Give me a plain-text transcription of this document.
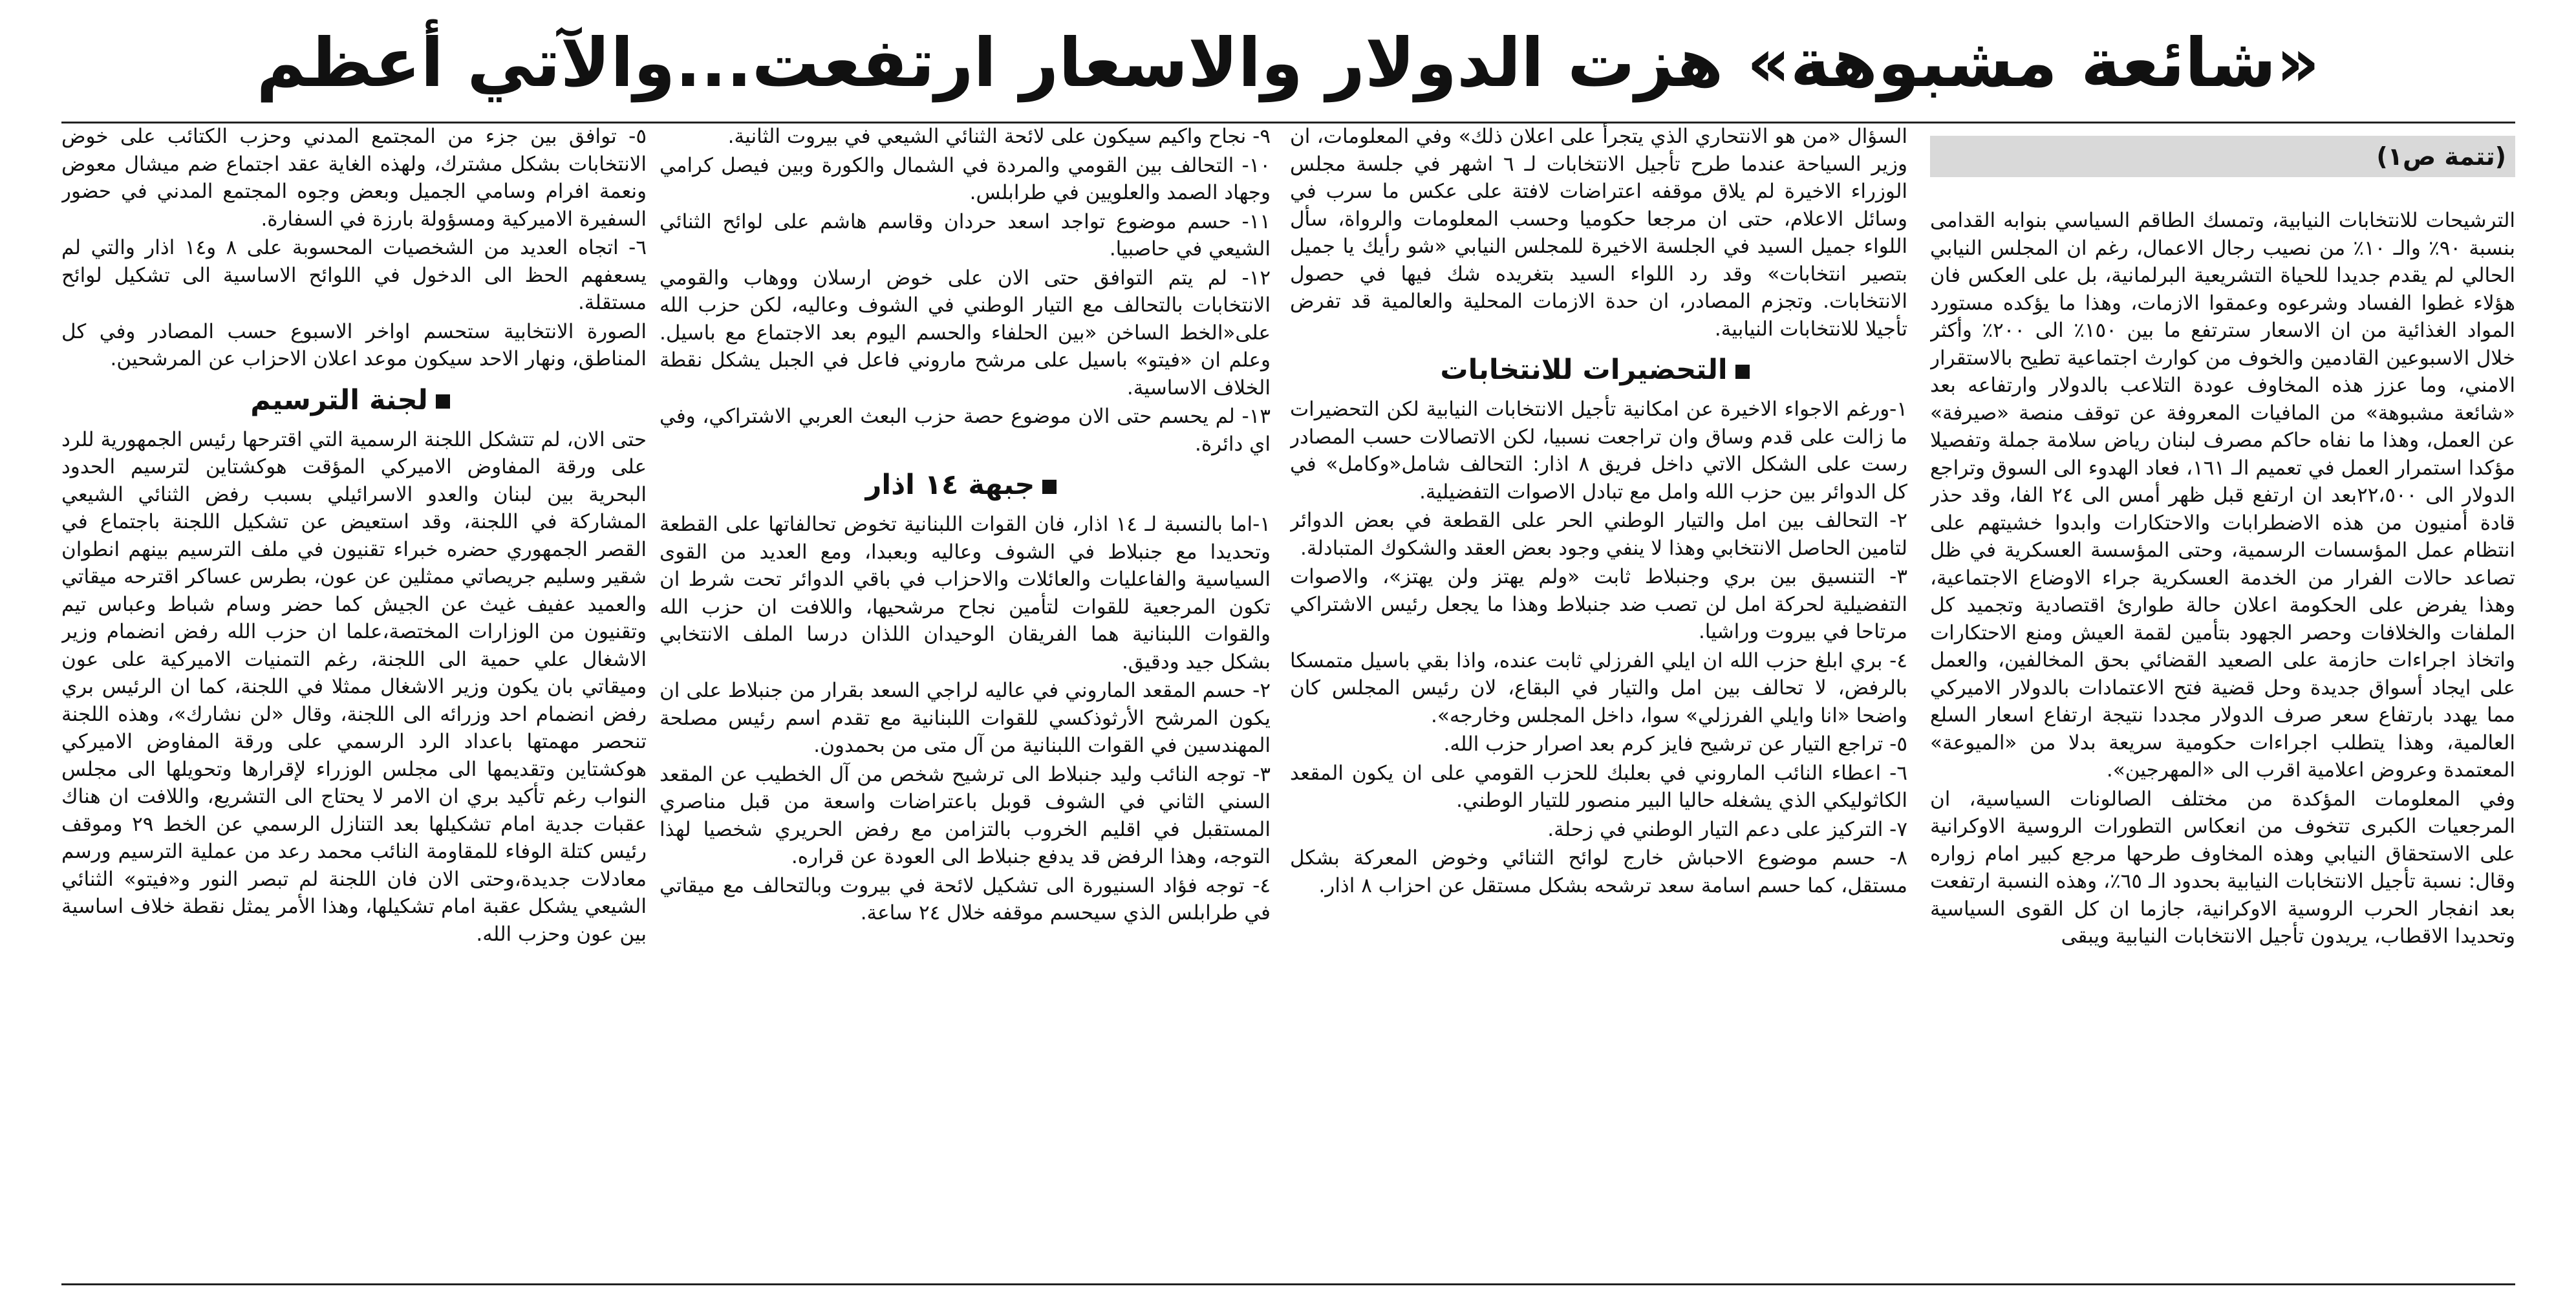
«شائعة مشبوهة» هزت الدولار والاسعار ارتفعت...والآتي أعظم
(تتمة ص١)

الترشيحات للانتخابات النيابية، وتمسك الطاقم السياسي بنوابه القدامى بنسبة ٩٠٪ والـ ١٠٪ من نصيب رجال الاعمال، رغم ان المجلس النيابي الحالي لم يقدم جديدا للحياة التشريعية البرلمانية، بل على العكس فان هؤلاء غطوا الفساد وشرعوه وعمقوا الازمات، وهذا ما يؤكده مستورد المواد الغذائية من ان الاسعار سترتفع ما بين ١٥٠٪ الى ٢٠٠٪ وأكثر خلال الاسبوعين القادمين والخوف من كوارث اجتماعية تطيح بالاستقرار الامني، وما عزز هذه المخاوف عودة التلاعب بالدولار وارتفاعه بعد «شائعة مشبوهة» من المافيات المعروفة عن توقف منصة «صيرفة» عن العمل، وهذا ما نفاه حاكم مصرف لبنان رياض سلامة جملة وتفصيلا مؤكدا استمرار العمل في تعميم الـ ١٦١، فعاد الهدوء الى السوق وتراجع الدولار الى ٢٢،٥٠٠بعد ان ارتفع قبل ظهر أمس الى ٢٤ الفا، وقد حذر قادة أمنيون من هذه الاضطرابات والاحتكارات وابدوا خشيتهم على انتظام عمل المؤسسات الرسمية، وحتى المؤسسة العسكرية في ظل تصاعد حالات الفرار من الخدمة العسكرية جراء الاوضاع الاجتماعية، وهذا يفرض على الحكومة اعلان حالة طوارئ اقتصادية وتجميد كل الملفات والخلافات وحصر الجهود بتأمين لقمة العيش ومنع الاحتكارات واتخاذ اجراءات حازمة على الصعيد القضائي بحق المخالفين، والعمل على ايجاد أسواق جديدة وحل قضية فتح الاعتمادات بالدولار الاميركي مما يهدد بارتفاع سعر صرف الدولار مجددا نتيجة ارتفاع اسعار السلع العالمية، وهذا يتطلب اجراءات حكومية سريعة بدلا من «الميوعة» المعتمدة وعروض اعلامية اقرب الى «المهرجين».

وفي المعلومات المؤكدة من مختلف الصالونات السياسية، ان المرجعيات الكبرى تتخوف من انعكاس التطورات الروسية الاوكرانية على الاستحقاق النيابي وهذه المخاوف طرحها مرجع كبير امام زواره وقال: نسبة تأجيل الانتخابات النيابية بحدود الـ ٦٥٪، وهذه النسبة ارتفعت بعد انفجار الحرب الروسية الاوكرانية، جازما ان كل القوى السياسية وتحديدا الاقطاب، يريدون تأجيل الانتخابات النيابية ويبقى

السؤال «من هو الانتحاري الذي يتجرأ على اعلان ذلك» وفي المعلومات، ان وزير السياحة عندما طرح تأجيل الانتخابات لـ ٦ اشهر في جلسة مجلس الوزراء الاخيرة لم يلاق موقفه اعتراضات لافتة على عكس ما سرب في وسائل الاعلام، حتى ان مرجعا حكوميا وحسب المعلومات والرواة، سأل اللواء جميل السيد في الجلسة الاخيرة للمجلس النيابي «شو رأيك يا جميل بتصير انتخابات» وقد رد اللواء السيد بتغريده شك فيها في حصول الانتخابات. وتجزم المصادر، ان حدة الازمات المحلية والعالمية قد تفرض تأجيلا للانتخابات النيابية.

التحضيرات للانتخابات

١-ورغم الاجواء الاخيرة عن امكانية تأجيل الانتخابات النيابية لكن التحضيرات ما زالت على قدم وساق وان تراجعت نسبيا، لكن الاتصالات حسب المصادر رست على الشكل الاتي داخل فريق ٨ اذار: التحالف شامل«وكامل» في كل الدوائر بين حزب الله وامل مع تبادل الاصوات التفضيلية.

٢- التحالف بين امل والتيار الوطني الحر على القطعة في بعض الدوائر لتامين الحاصل الانتخابي وهذا لا ينفي وجود بعض العقد والشكوك المتبادلة.

٣- التنسيق بين بري وجنبلاط ثابت «ولم يهتز ولن يهتز»، والاصوات التفضيلية لحركة امل لن تصب ضد جنبلاط وهذا ما يجعل رئيس الاشتراكي مرتاحا في بيروت وراشيا.

٤- بري ابلغ حزب الله ان ايلي الفرزلي ثابت عنده، واذا بقي باسيل متمسكا بالرفض، لا تحالف بين امل والتيار في البقاع، لان رئيس المجلس كان واضحا «انا وايلي الفرزلي» سوا، داخل المجلس وخارجه».

٥- تراجع التيار عن ترشيح فايز كرم بعد اصرار حزب الله.

٦- اعطاء النائب الماروني في بعلبك للحزب القومي على ان يكون المقعد الكاثوليكي الذي يشغله حاليا البير منصور للتيار الوطني.

٧- التركيز على دعم التيار الوطني في زحلة.

٨- حسم موضوع الاحباش خارج لوائح الثنائي وخوض المعركة بشكل مستقل، كما حسم اسامة سعد ترشحه بشكل مستقل عن احزاب ٨ اذار.

٩- نجاح واكيم سيكون على لائحة الثنائي الشيعي في بيروت الثانية.

١٠- التحالف بين القومي والمردة في الشمال والكورة وبين فيصل كرامي وجهاد الصمد والعلويين في طرابلس.

١١- حسم موضوع تواجد اسعد حردان وقاسم هاشم على لوائح الثنائي الشيعي في حاصبيا.

١٢- لم يتم التوافق حتى الان على خوض ارسلان ووهاب والقومي الانتخابات بالتحالف مع التيار الوطني في الشوف وعاليه، لكن حزب الله على«الخط الساخن «بين الحلفاء والحسم اليوم بعد الاجتماع مع باسيل. وعلم ان «فيتو» باسيل على مرشح ماروني فاعل في الجبل يشكل نقطة الخلاف الاساسية.

١٣- لم يحسم حتى الان موضوع حصة حزب البعث العربي الاشتراكي، وفي اي دائرة.

جبهة ١٤ اذار

١-اما بالنسبة لـ ١٤ اذار، فان القوات اللبنانية تخوض تحالفاتها على القطعة وتحديدا مع جنبلاط في الشوف وعاليه وبعبدا، ومع العديد من القوى السياسية والفاعليات والعائلات والاحزاب في باقي الدوائر تحت شرط ان تكون المرجعية للقوات لتأمين نجاح مرشحيها، واللافت ان حزب الله والقوات اللبنانية هما الفريقان الوحيدان اللذان درسا الملف الانتخابي بشكل جيد ودقيق.

٢- حسم المقعد الماروني في عاليه لراجي السعد بقرار من جنبلاط على ان يكون المرشح الأرثوذكسي للقوات اللبنانية مع تقدم اسم رئيس مصلحة المهندسين في القوات اللبنانية من آل متى من بحمدون.

٣- توجه النائب وليد جنبلاط الى ترشيح شخص من آل الخطيب عن المقعد السني الثاني في الشوف قوبل باعتراضات واسعة من قبل مناصري المستقبل في اقليم الخروب بالتزامن مع رفض الحريري شخصيا لهذا التوجه، وهذا الرفض قد يدفع جنبلاط الى العودة عن قراره.

٤- توجه فؤاد السنيورة الى تشكيل لائحة في بيروت وبالتحالف مع ميقاتي في طرابلس الذي سيحسم موقفه خلال ٢٤ ساعة.

٥- توافق بين جزء من المجتمع المدني وحزب الكتائب على خوض الانتخابات بشكل مشترك، ولهذه الغاية عقد اجتماع ضم ميشال معوض ونعمة افرام وسامي الجميل وبعض وجوه المجتمع المدني في حضور السفيرة الاميركية ومسؤولة بارزة في السفارة.

٦- اتجاه العديد من الشخصيات المحسوبة على ٨ و١٤ اذار والتي لم يسعفهم الحظ الى الدخول في اللوائح الاساسية الى تشكيل لوائح مستقلة.

الصورة الانتخابية ستحسم اواخر الاسبوع حسب المصادر وفي كل المناطق، ونهار الاحد سيكون موعد اعلان الاحزاب عن المرشحين.

لجنة الترسيم

حتى الان، لم تتشكل اللجنة الرسمية التي اقترحها رئيس الجمهورية للرد على ورقة المفاوض الاميركي المؤقت هوكشتاين لترسيم الحدود البحرية بين لبنان والعدو الاسرائيلي بسبب رفض الثنائي الشيعي المشاركة في اللجنة، وقد استعيض عن تشكيل اللجنة باجتماع في القصر الجمهوري حضره خبراء تقنيون في ملف الترسيم بينهم انطوان شقير وسليم جريصاتي ممثلين عن عون، بطرس عساكر اقترحه ميقاتي والعميد عفيف غيث عن الجيش كما حضر وسام شباط وعباس تيم وتقنيون من الوزارات المختصة،علما ان حزب الله رفض انضمام وزير الاشغال علي حمية الى اللجنة، رغم التمنيات الاميركية على عون وميقاتي بان يكون وزير الاشغال ممثلا في اللجنة، كما ان الرئيس بري رفض انضمام احد وزرائه الى اللجنة، وقال «لن نشارك»، وهذه اللجنة تنحصر مهمتها باعداد الرد الرسمي على ورقة المفاوض الاميركي هوكشتاين وتقديمها الى مجلس الوزراء لإقرارها وتحويلها الى مجلس النواب رغم تأكيد بري ان الامر لا يحتاج الى التشريع، واللافت ان هناك عقبات جدية امام تشكيلها بعد التنازل الرسمي عن الخط ٢٩ وموقف رئيس كتلة الوفاء للمقاومة النائب محمد رعد من عملية الترسيم ورسم معادلات جديدة،وحتى الان فان اللجنة لم تبصر النور و«فيتو» الثنائي الشيعي يشكل عقبة امام تشكيلها، وهذا الأمر يمثل نقطة خلاف اساسية بين عون وحزب الله.
